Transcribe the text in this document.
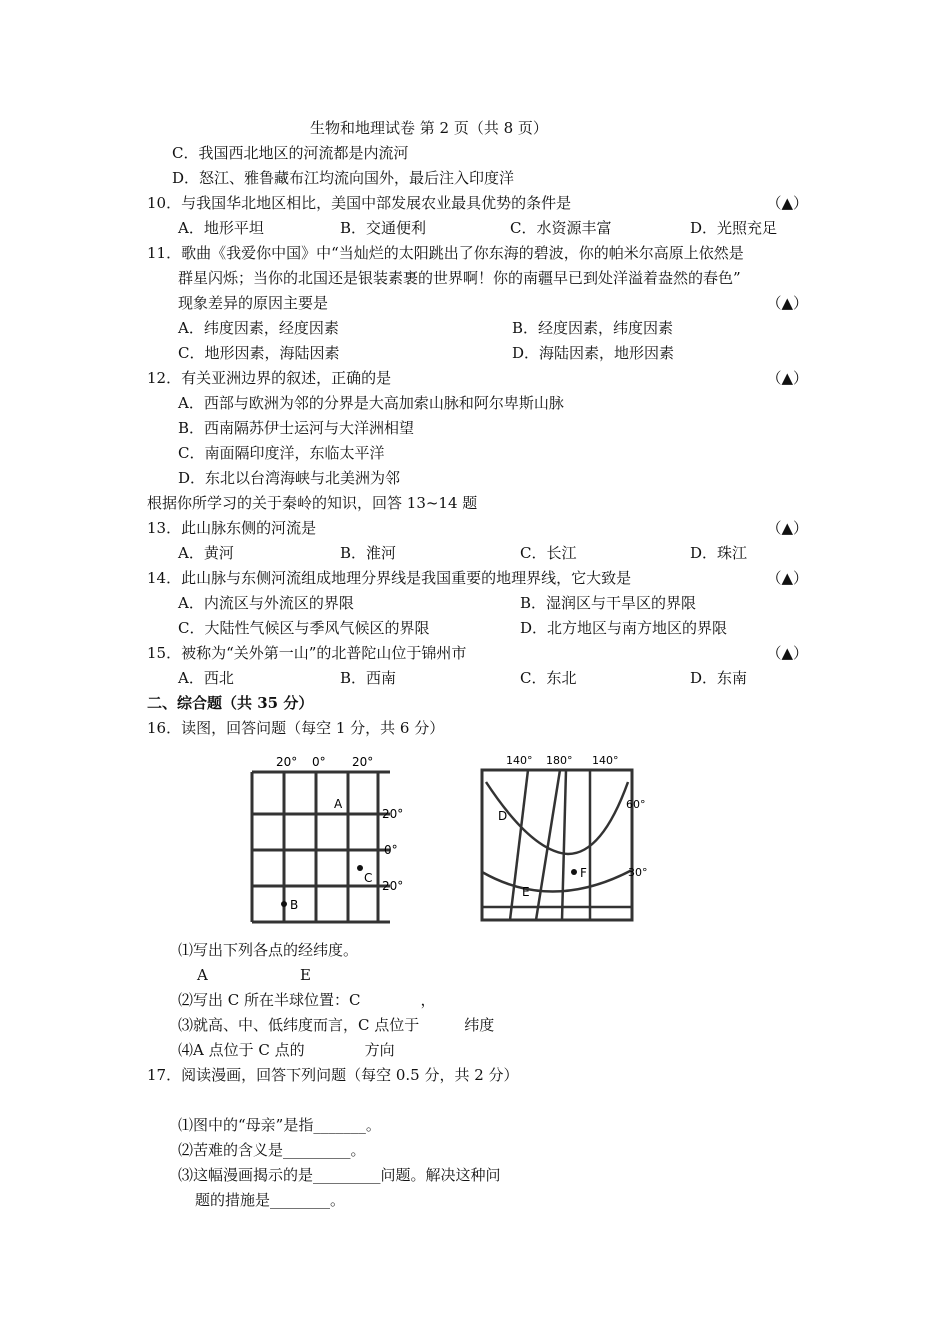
生物和地理试卷 第 2 页（共 8 页）
C．我国西北地区的河流都是内流河
D．怒江、雅鲁藏布江均流向国外，最后注入印度洋
10．与我国华北地区相比，美国中部发展农业最具优势的条件是	（▲）
A．地形平坦	B．交通便利	C．水资源丰富	D．光照充足
11．歌曲《我爱你中国》中“当灿烂的太阳跳出了你东海的碧波，你的帕米尔高原上依然是
群星闪烁；当你的北国还是银装素裹的世界啊！你的南疆早已到处洋溢着盎然的春色”
现象差异的原因主要是	（▲）
A．纬度因素，经度因素	B．经度因素，纬度因素
C．地形因素，海陆因素	D．海陆因素，地形因素
12．有关亚洲边界的叙述，正确的是	（▲）
A．西部与欧洲为邻的分界是大高加索山脉和阿尔卑斯山脉
B．西南隔苏伊士运河与大洋洲相望
C．南面隔印度洋，东临太平洋
D．东北以台湾海峡与北美洲为邻
根据你所学习的关于秦岭的知识，回答 13~14 题
13．此山脉东侧的河流是	（▲）
A．黄河	B．淮河	C．长江	D．珠江
14．此山脉与东侧河流组成地理分界线是我国重要的地理界线，它大致是	（▲）
A．内流区与外流区的界限	B．湿润区与干旱区的界限
C．大陆性气候区与季风气候区的界限	D．北方地区与南方地区的界限
15．被称为“关外第一山”的北普陀山位于锦州市	（▲）
A．西北	B．西南	C．东北	D．东南
二、综合题（共 35 分）
16．读图，回答问题（每空 1 分，共 6 分）
20° 0° 20°
20°
0°
20°
A
C
B
140° 180° 140°
60°
30°
D
E
F
⑴写出下列各点的经纬度。
A	E
⑵写出 C 所在半球位置：C　　　　，
⑶就高、中、低纬度而言，C 点位于　　　纬度
⑷A 点位于 C 点的　　　　方向
17．阅读漫画，回答下列问题（每空 0.5 分，共 2 分）
⑴图中的“母亲”是指_______。
⑵苦难的含义是_________。
⑶这幅漫画揭示的是_________问题。解决这种问
题的措施是________。
